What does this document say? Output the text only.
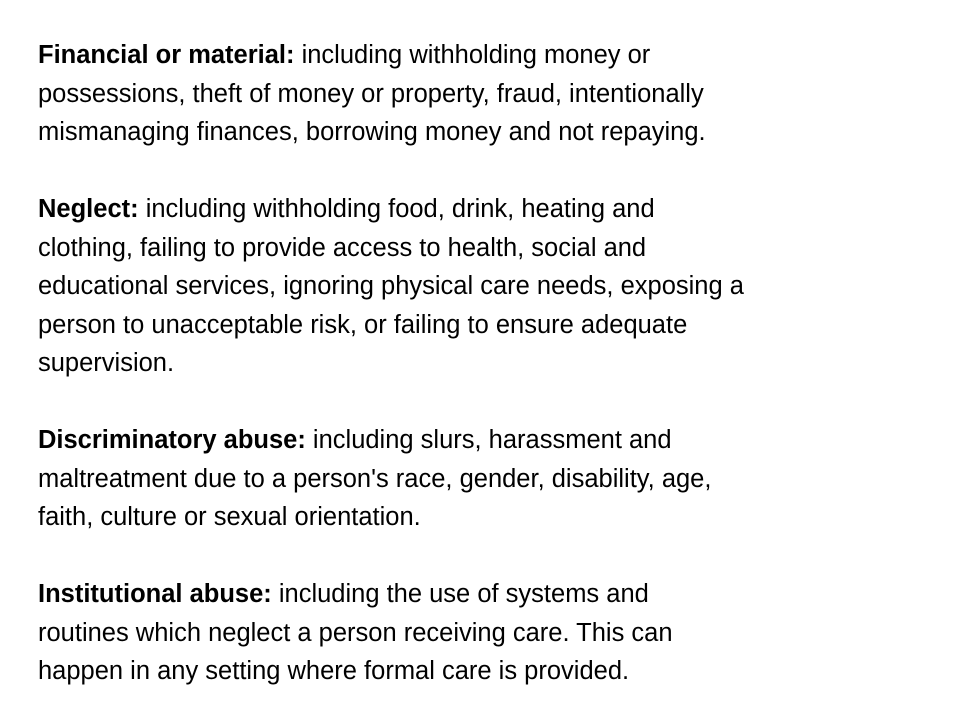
Financial or material: including withholding money or
possessions, theft of money or property, fraud, intentionally
mismanaging finances, borrowing money and not repaying.

Neglect: including withholding food, drink, heating and
clothing, failing to provide access to health, social and
educational services, ignoring physical care needs, exposing a
person to unacceptable risk, or failing to ensure adequate
supervision.

Discriminatory abuse: including slurs, harassment and
maltreatment due to a person's race, gender, disability, age,
faith, culture or sexual orientation.

Institutional abuse: including the use of systems and
routines which neglect a person receiving care. This can
happen in any setting where formal care is provided.
